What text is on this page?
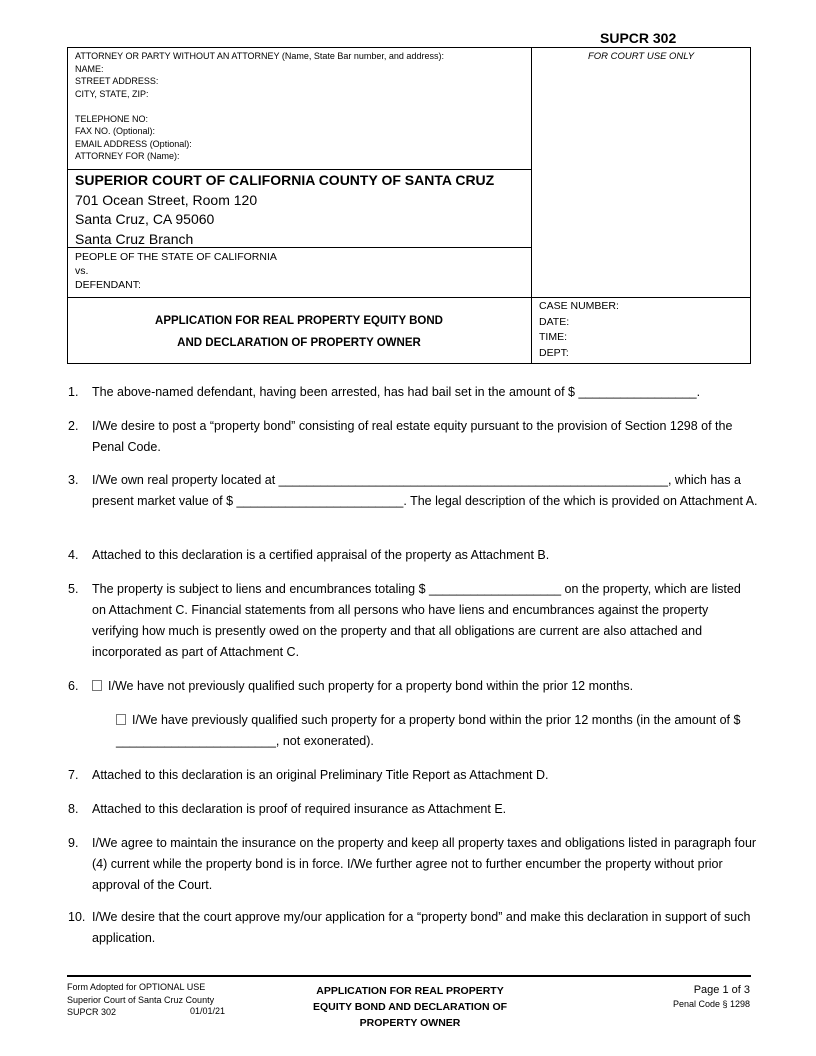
SUPCR 302
FOR COURT USE ONLY
ATTORNEY OR PARTY WITHOUT AN ATTORNEY (Name, State Bar number, and address):
NAME:
STREET ADDRESS:
CITY, STATE, ZIP:
TELEPHONE NO:
FAX NO. (Optional):
EMAIL ADDRESS (Optional):
ATTORNEY FOR (Name):
SUPERIOR COURT OF CALIFORNIA COUNTY OF SANTA CRUZ
701 Ocean Street, Room 120
Santa Cruz, CA 95060
Santa Cruz Branch
PEOPLE OF THE STATE OF CALIFORNIA
vs.
DEFENDANT:
APPLICATION FOR REAL PROPERTY EQUITY BOND
AND DECLARATION OF PROPERTY OWNER
CASE NUMBER:
DATE:
TIME:
DEPT:
1.	The above-named defendant, having been arrested, has had bail set in the amount of $ _________________.
2.	I/We desire to post a “property bond” consisting of real estate equity pursuant to the provision of Section 1298 of the Penal Code.
3.	I/We own real property located at ________________________________________________________, which has a present market value of $ ________________________. The legal description of the which is provided on Attachment A.
4.	Attached to this declaration is a certified appraisal of the property as Attachment B.
5.	The property is subject to liens and encumbrances totaling $ ___________________ on the property, which are listed on Attachment C. Financial statements from all persons who have liens and encumbrances against the property verifying how much is presently owed on the property and that all obligations are current are also attached and incorporated as part of Attachment C.
6.	I/We have not previously qualified such property for a property bond within the prior 12 months.
I/We have previously qualified such property for a property bond within the prior 12 months (in the amount of $ _______________________, not exonerated).
7.	Attached to this declaration is an original Preliminary Title Report as Attachment D.
8.	Attached to this declaration is proof of required insurance as Attachment E.
9.	I/We agree to maintain the insurance on the property and keep all property taxes and obligations listed in paragraph four (4) current while the property bond is in force. I/We further agree not to further encumber the property without prior approval of the Court.
10. I/We desire that the court approve my/our application for a “property bond” and make this declaration in support of such application.
Form Adopted for OPTIONAL USE
Superior Court of Santa Cruz County
SUPCR 302	01/01/21
APPLICATION FOR REAL PROPERTY
EQUITY BOND AND DECLARATION OF
PROPERTY OWNER
Page 1 of 3
Penal Code § 1298
